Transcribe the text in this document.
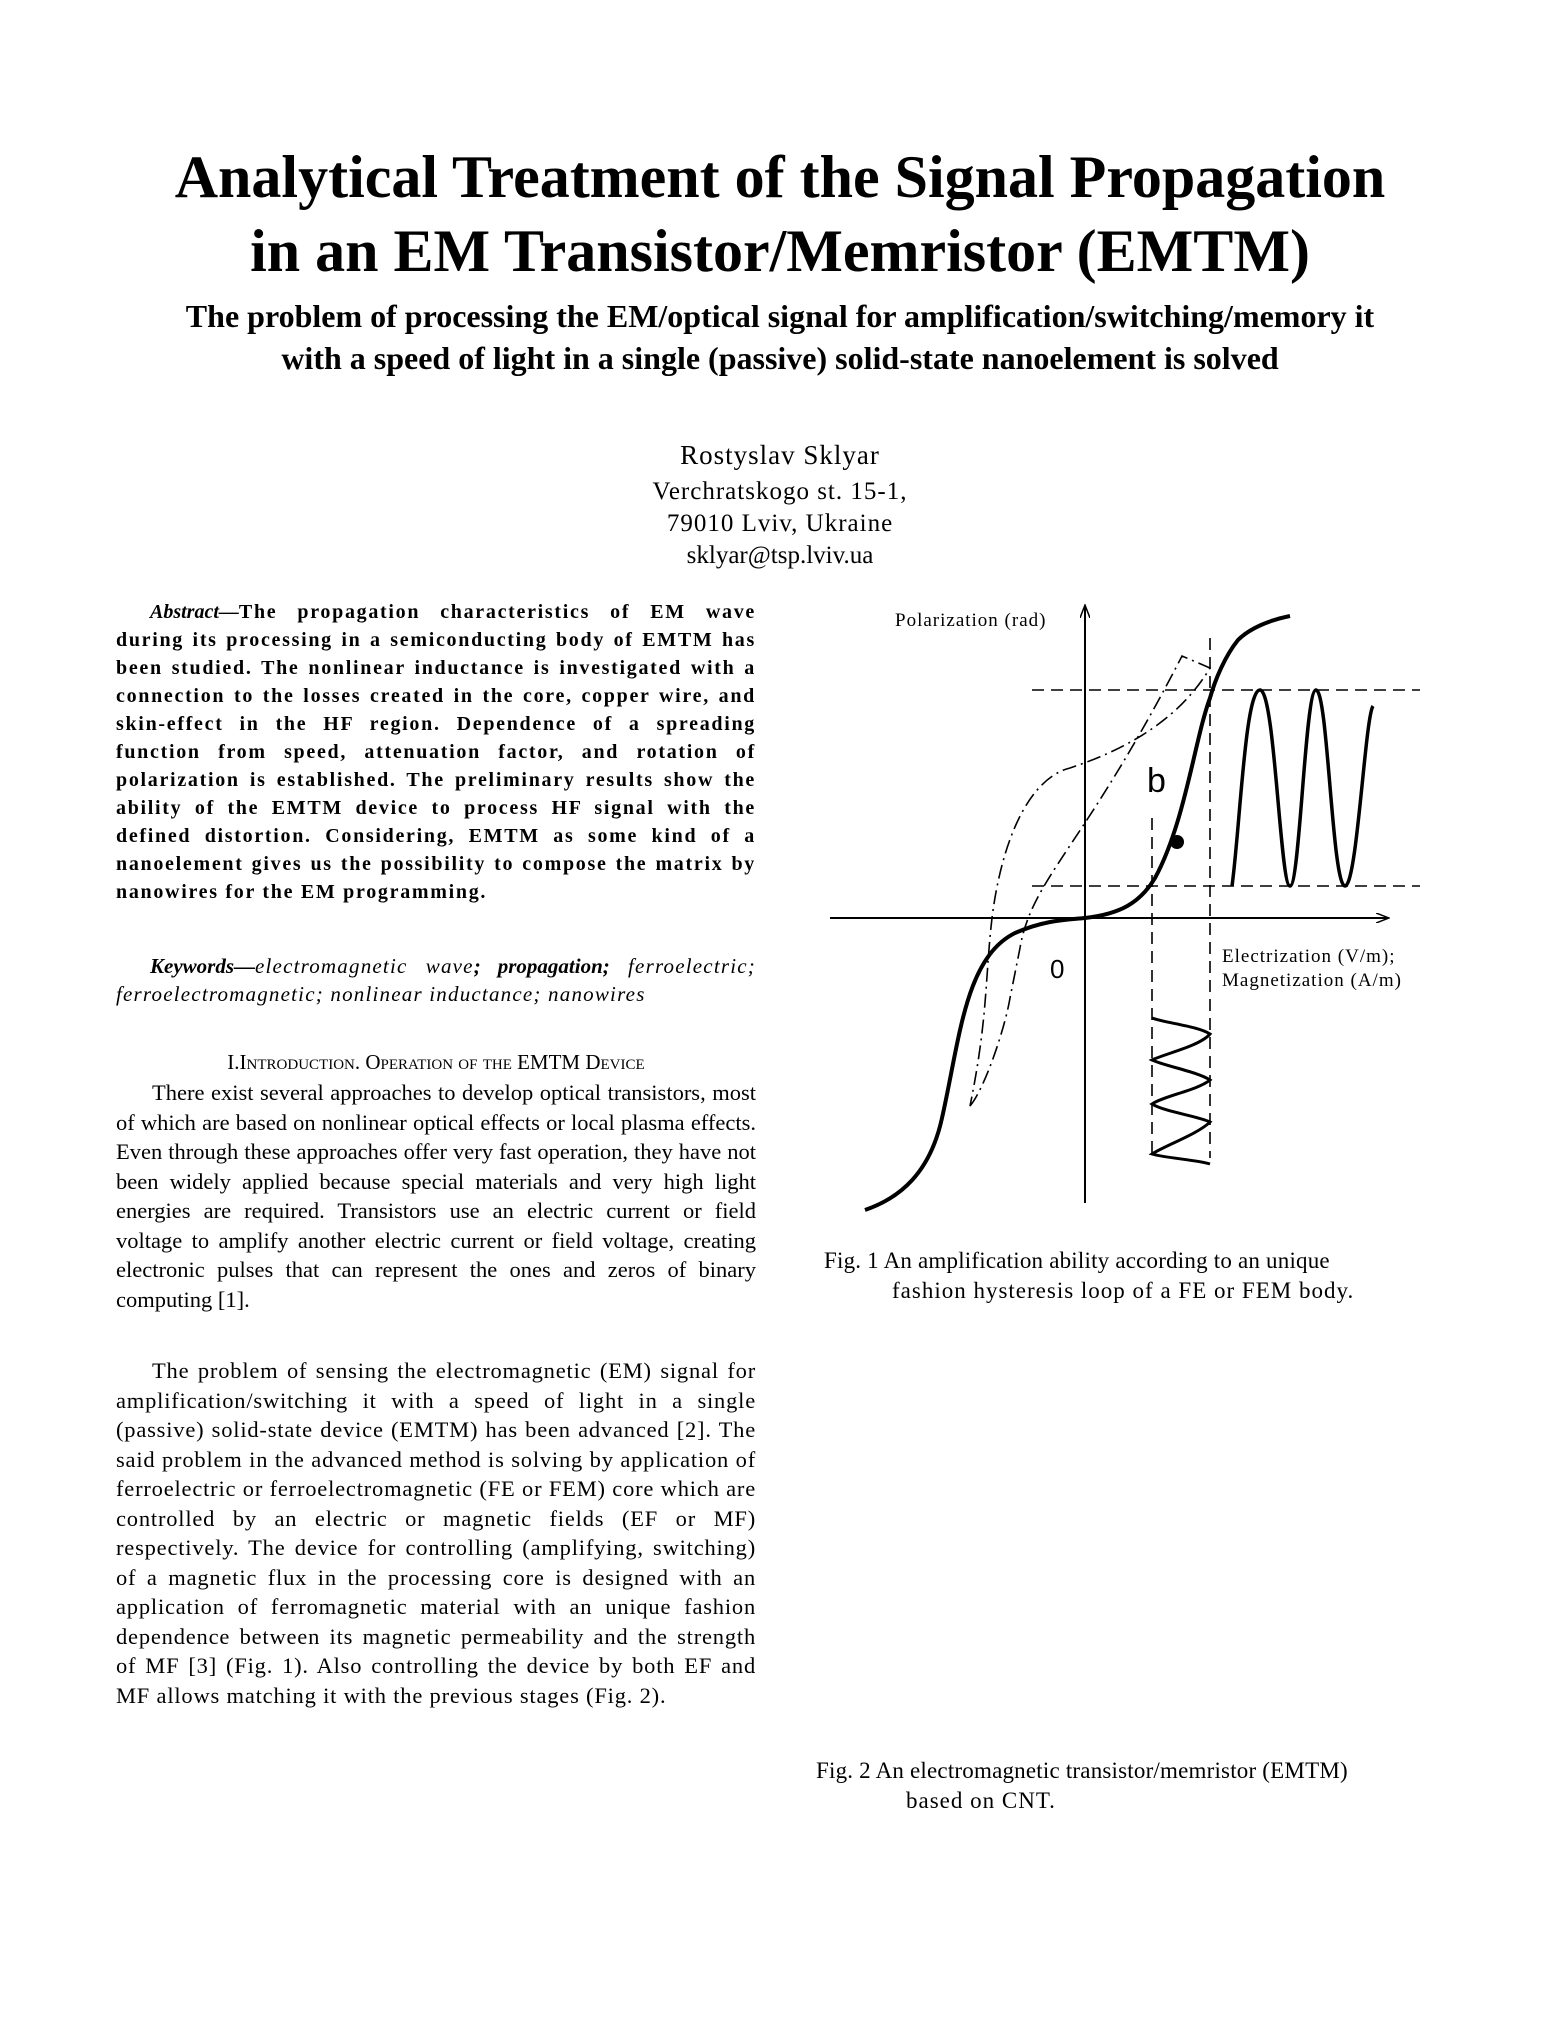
Analytical Treatment of the Signal Propagation
in an EM Transistor/Memristor (EMTM)
The problem of processing the EM/optical signal for amplification/switching/memory it
with a speed of light in a single (passive) solid-state nanoelement is solved
Rostyslav Sklyar
Verchratskogo st. 15-1,
79010 Lviv, Ukraine
sklyar@tsp.lviv.ua
Abstract—The propagation characteristics of EM wave during its processing in a semiconducting body of EMTM has been studied. The nonlinear inductance is investigated with a connection to the losses created in the core, copper wire, and skin-effect in the HF region. Dependence of a spreading function from speed, attenuation factor, and rotation of polarization is established. The preliminary results show the ability of the EMTM device to process HF signal with the defined distortion. Considering, EMTM as some kind of a nanoelement gives us the possibility to compose the matrix by nanowires for the EM programming.
Keywords—electromagnetic wave; propagation; ferroelectric; ferroelectromagnetic; nonlinear inductance; nanowires
I.Introduction. Operation of the EMTM Device
There exist several approaches to develop optical transistors, most of which are based on nonlinear optical effects or local plasma effects. Even through these approaches offer very fast operation, they have not been widely applied because special materials and very high light energies are required. Transistors use an electric current or field voltage to amplify another electric current or field voltage, creating electronic pulses that can represent the ones and zeros of binary computing [1].
The problem of sensing the electromagnetic (EM) signal for amplification/switching it with a speed of light in a single (passive) solid-state device (EMTM) has been advanced [2]. The said problem in the advanced method is solving by application of ferroelectric or ferroelectromagnetic (FE or FEM) core which are controlled by an electric or magnetic fields (EF or MF) respectively. The device for controlling (amplifying, switching) of a magnetic flux in the processing core is designed with an application of ferromagnetic material with an unique fashion dependence between its magnetic permeability and the strength of MF [3] (Fig. 1). Also controlling the device by both EF and MF allows matching it with the previous stages (Fig. 2).
Polarization (rad)
0
b
Electrization (V/m);
Magnetization (A/m)
Fig. 1 An amplification ability according to an unique
fashion hysteresis loop of a FE or FEM body.
Fig. 2 An electromagnetic transistor/memristor (EMTM)
based on CNT.
